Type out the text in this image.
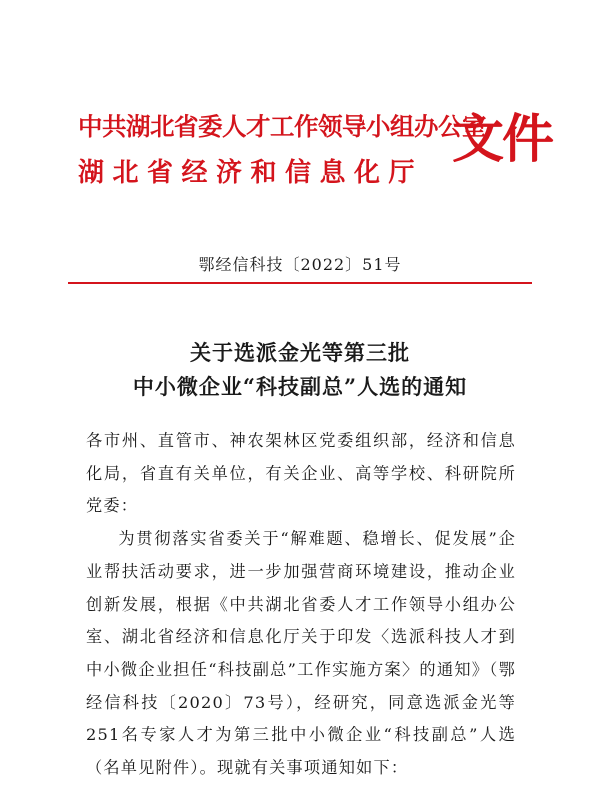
中共湖北省委人才工作领导小组办公室
湖北省经济和信息化厅
文件
鄂经信科技〔2022〕51号
关于选派金光等第三批
中小微企业“科技副总”人选的通知

各市州、直管市、神农架林区党委组织部，经济和信息化局，省直有关单位，有关企业、高等学校、科研院所党委：

为贯彻落实省委关于“解难题、稳增长、促发展”企业帮扶活动要求，进一步加强营商环境建设，推动企业创新发展，根据《中共湖北省委人才工作领导小组办公室、湖北省经济和信息化厅关于印发〈选派科技人才到中小微企业担任“科技副总”工作实施方案〉的通知》（鄂经信科技〔2020〕73号），经研究，同意选派金光等251名专家人才为第三批中小微企业“科技副总”人选（名单见附件）。现就有关事项通知如下：
